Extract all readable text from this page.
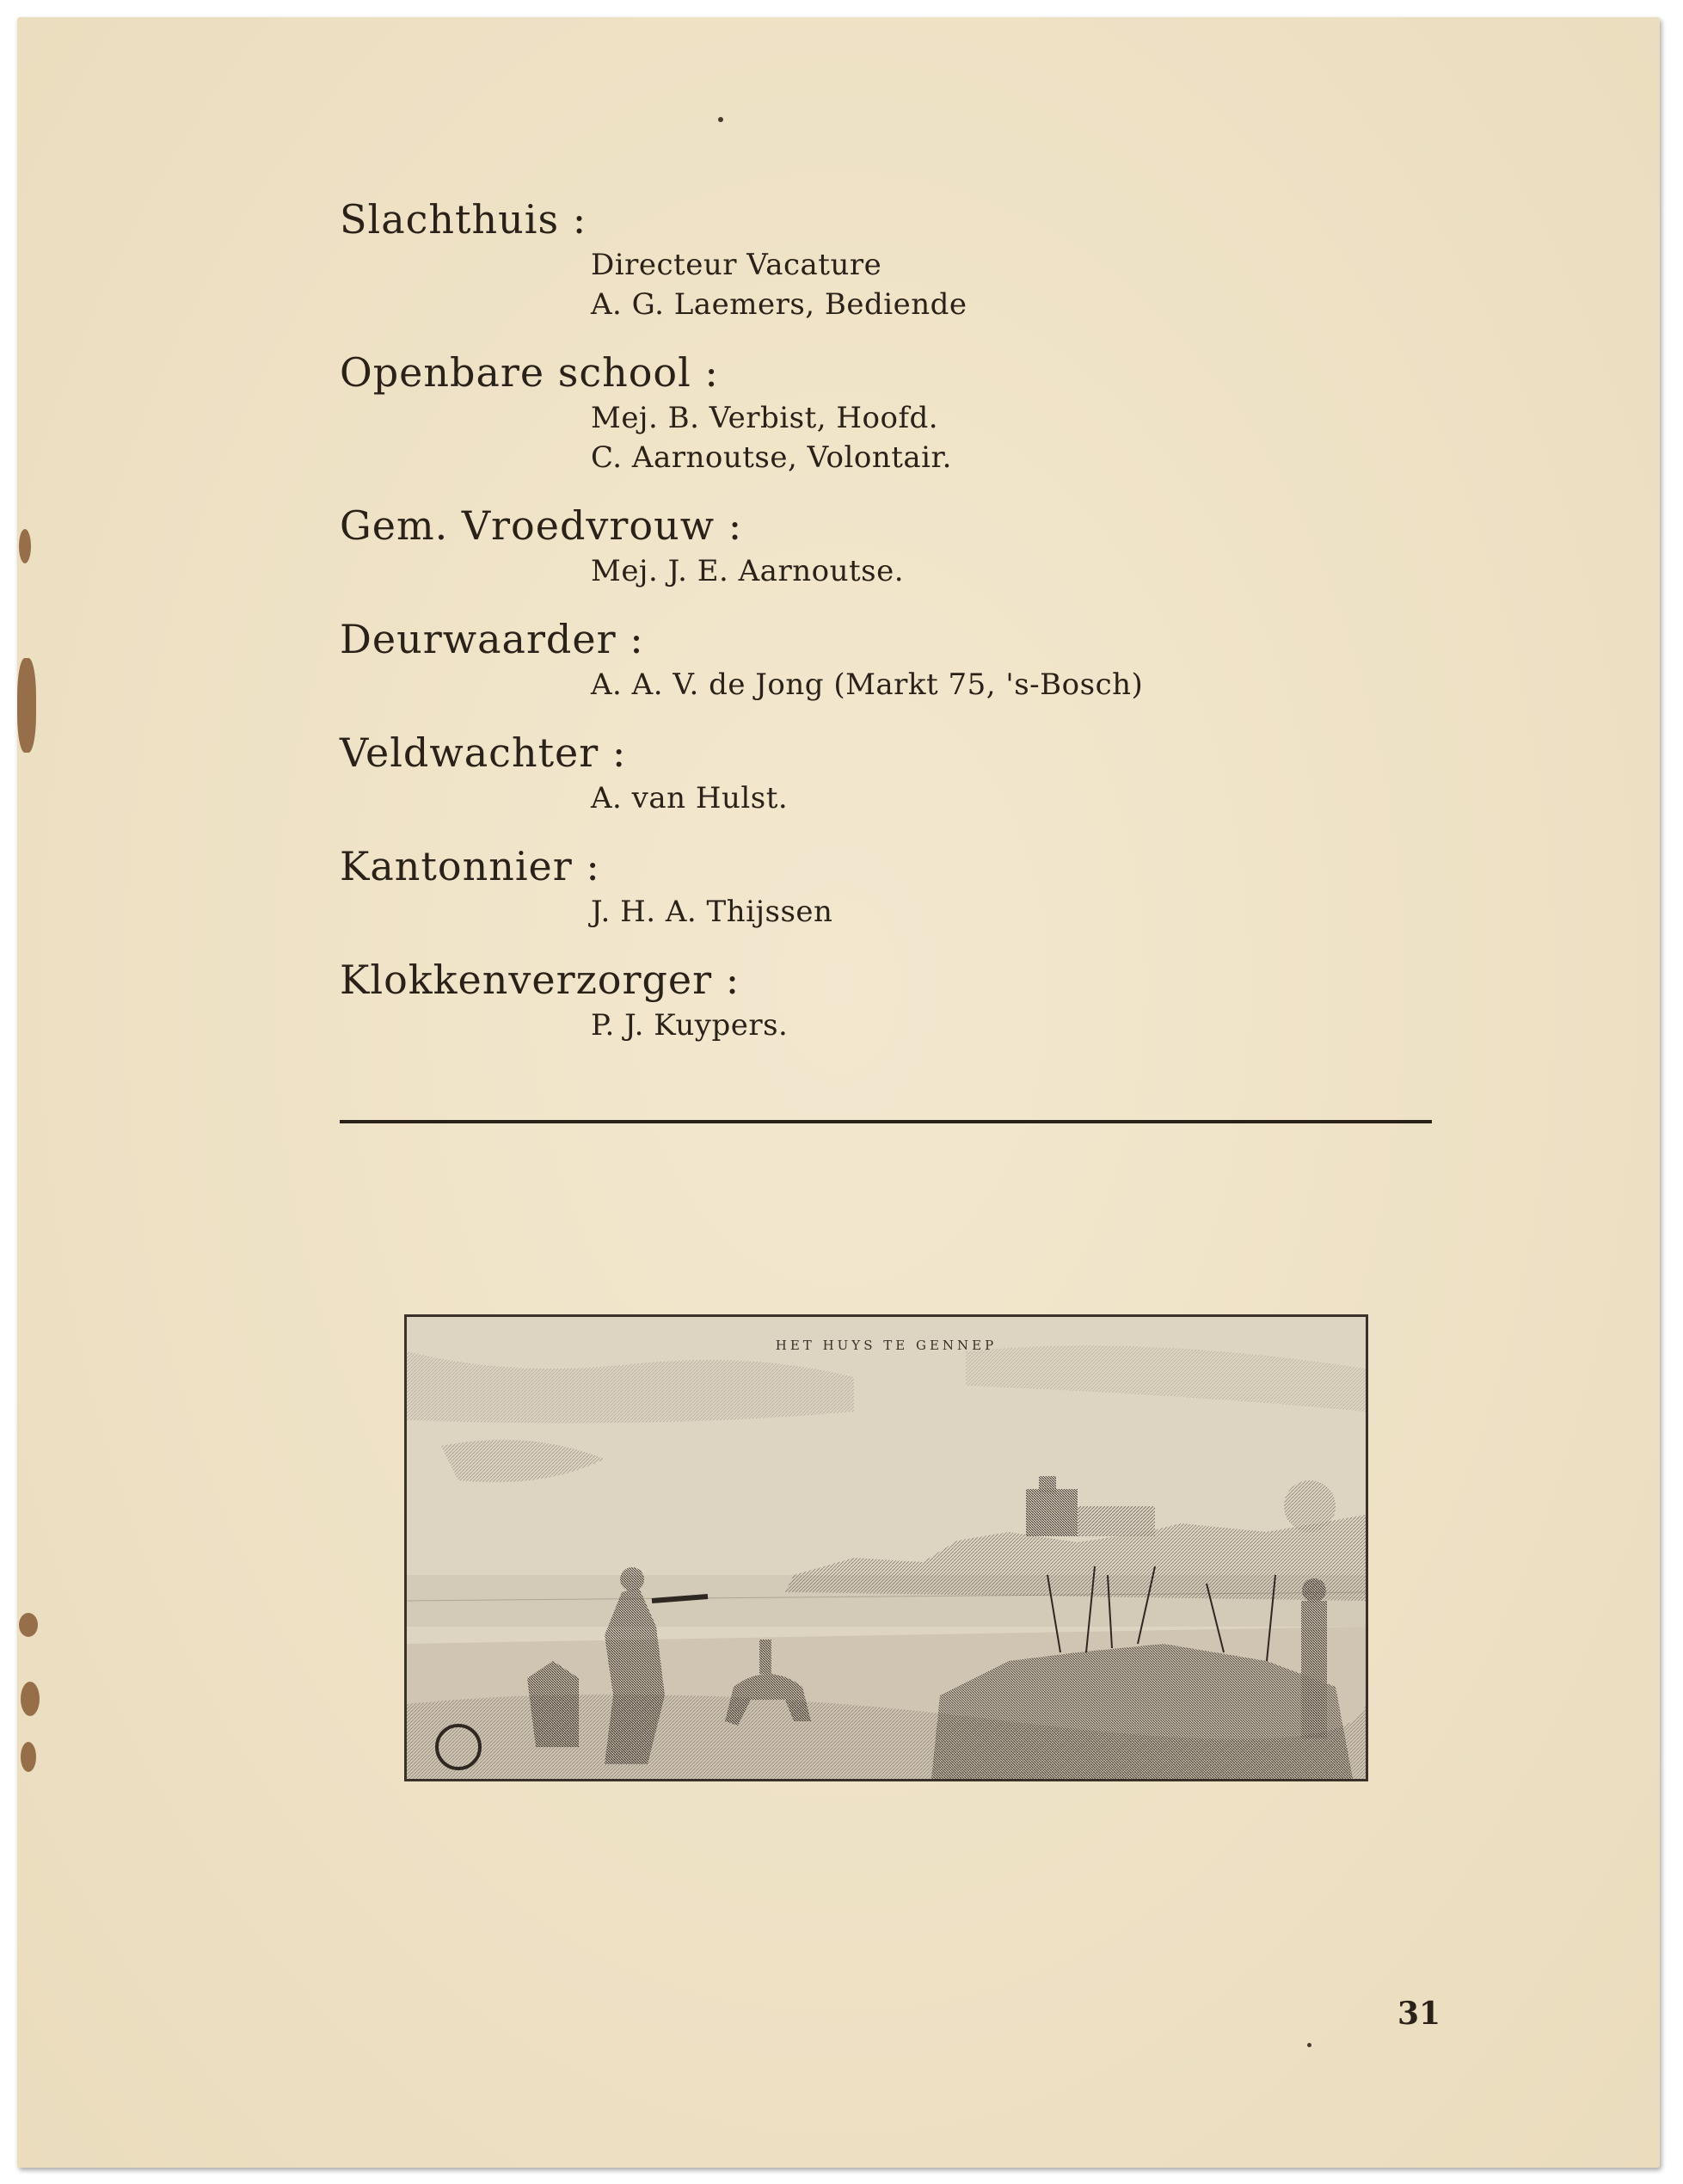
Slachthuis :
Directeur Vacature
A. G. Laemers, Bediende
Openbare school :
Mej. B. Verbist, Hoofd.
C. Aarnoutse, Volontair.
Gem. Vroedvrouw :
Mej. J. E. Aarnoutse.
Deurwaarder :
A. A. V. de Jong (Markt 75, 's-Bosch)
Veldwachter :
A. van Hulst.
Kantonnier :
J. H. A. Thijssen
Klokkenverzorger :
P. J. Kuypers.
HET HUYS TE GENNEP
31
